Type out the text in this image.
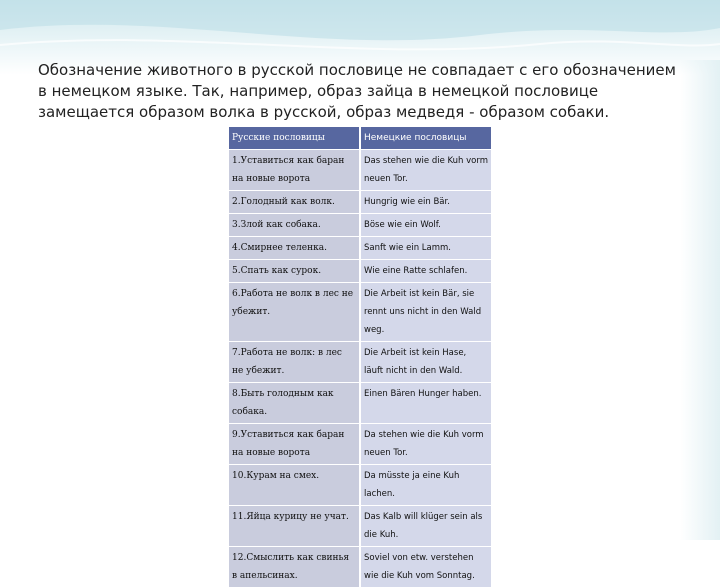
Обозначение животного в русской пословице не совпадает с его обозначением в немецком языке. Так, например, образ зайца в немецкой пословице замещается образом волка в русской, образ медведя - образом собаки.

Русские пословицы	Немецкие пословицы
1.Уставиться как баран на новые ворота	Das stehen wie die Kuh vorm neuen Tor.
2.Голодный как волк.	Hungrig wie ein Bär.
3.Злой как собака.	Böse wie ein Wolf.
4.Смирнее теленка.	Sanft wie ein Lamm.
5.Спать как сурок.	Wie eine Ratte schlafen.
6.Работа не волк в лес не убежит.	Die Arbeit ist kein Bär, sie rennt uns nicht in den Wald weg.
7.Работа не волк: в лес не убежит.	Die Arbeit ist kein Hase, läuft nicht in den Wald.
8.Быть голодным как собака.	Einen Bären Hunger haben.
9.Уставиться как баран на новые ворота	Da stehen wie die Kuh vorm neuen Tor.
10.Курам на смех.	Da müsste ja eine Kuh lachen.
11.Яйца курицу не учат.	Das Kalb will klüger sein als die Kuh.
12.Смыслить как свинья в апельсинах.	Soviel von etw. verstehen wie die Kuh vom Sonntag.
